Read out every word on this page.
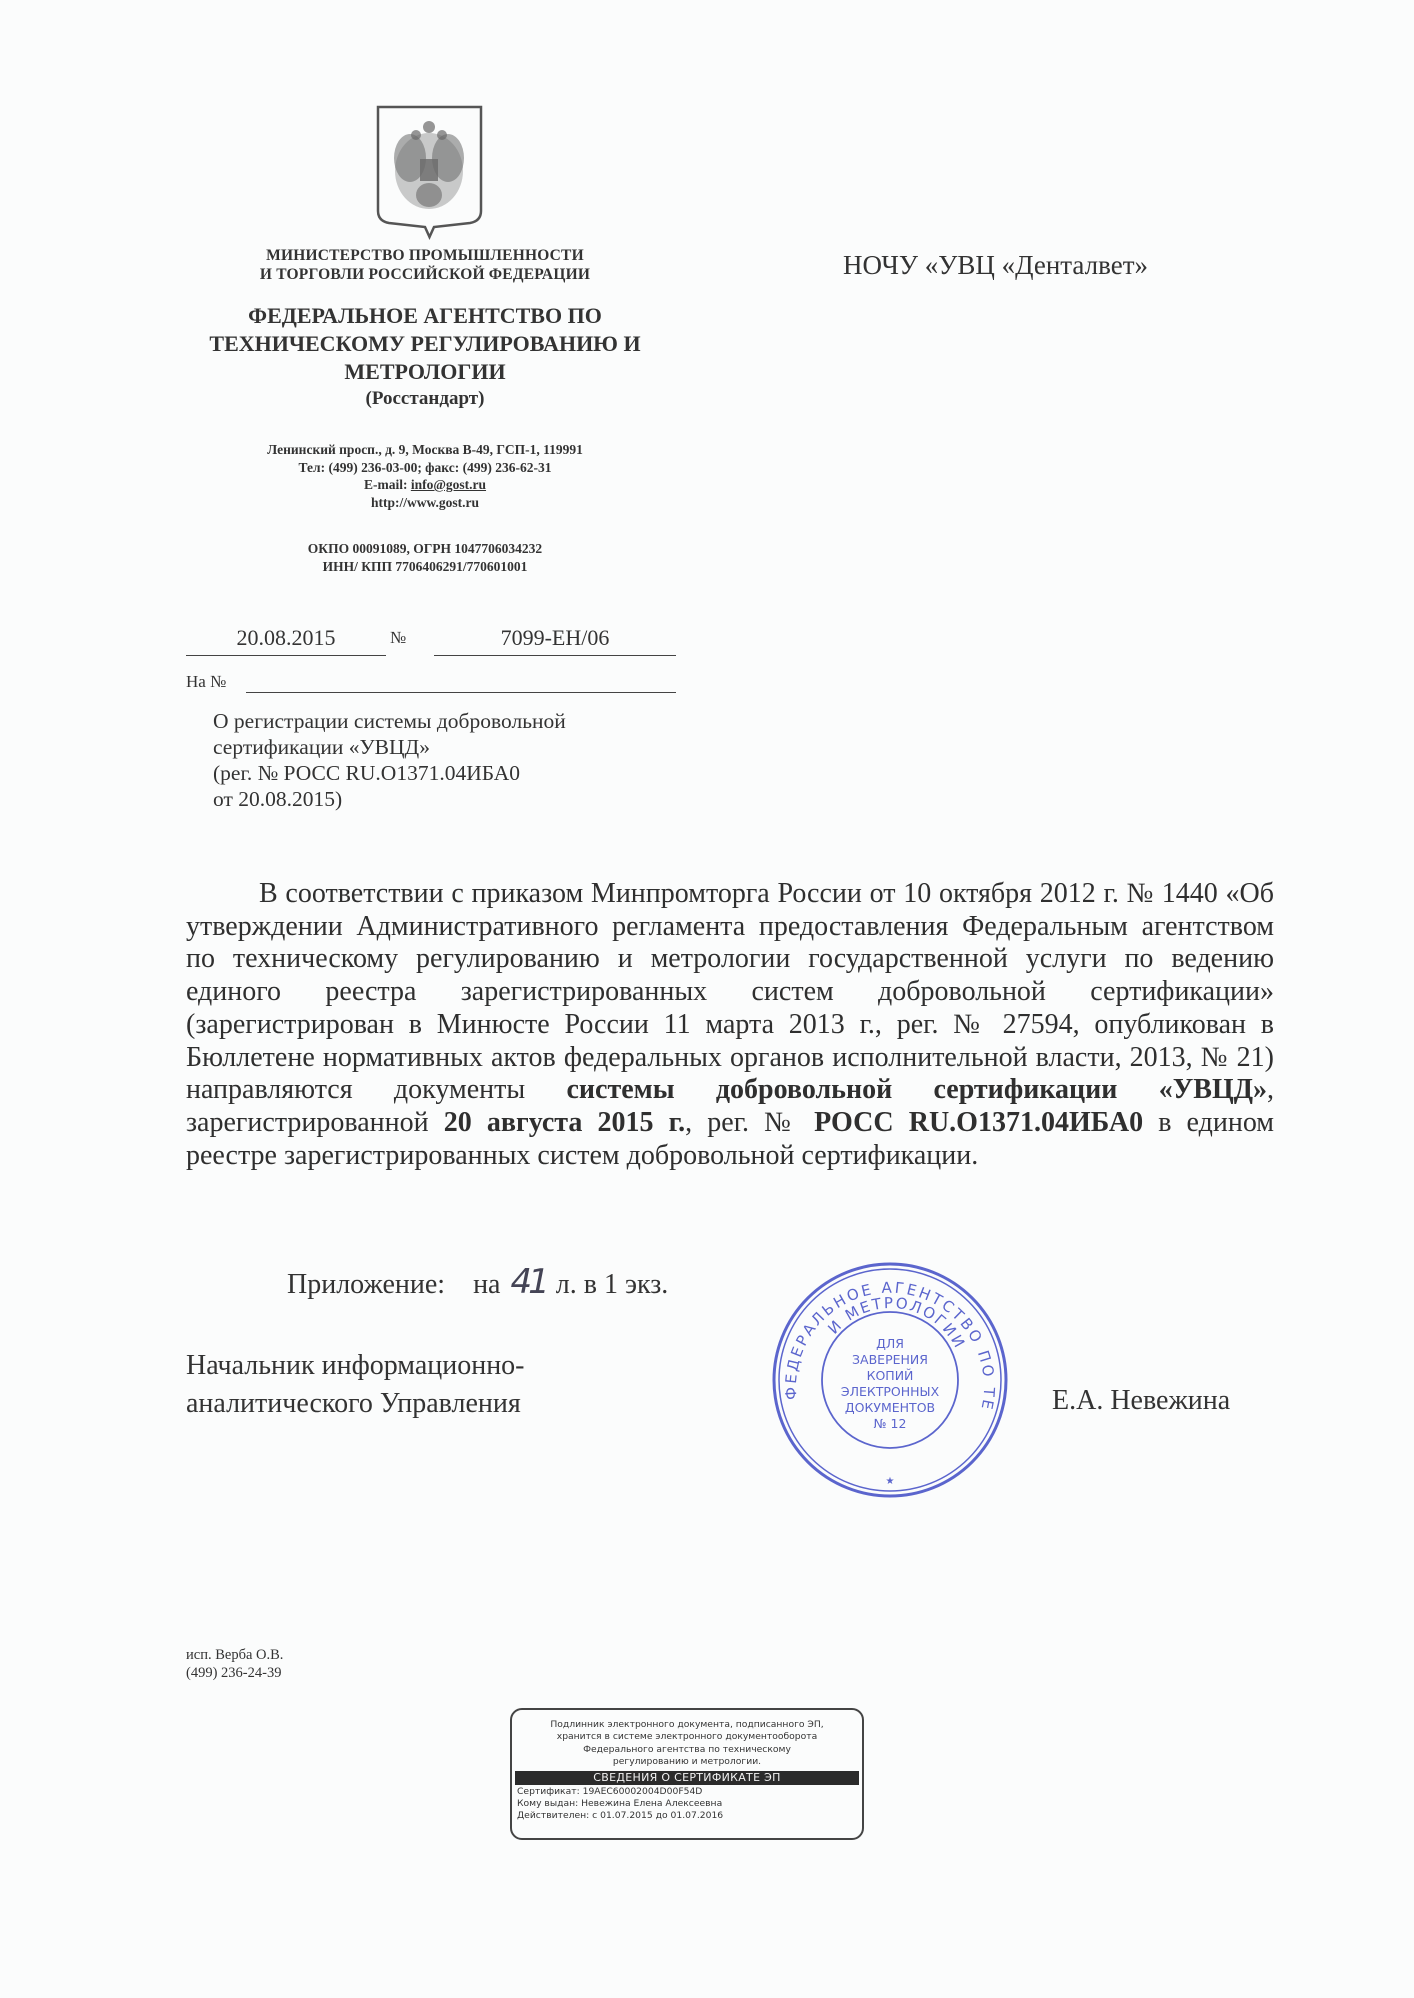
МИНИСТЕРСТВО ПРОМЫШЛЕННОСТИ
И ТОРГОВЛИ РОССИЙСКОЙ ФЕДЕРАЦИИ
ФЕДЕРАЛЬНОЕ АГЕНТСТВО ПО
ТЕХНИЧЕСКОМУ РЕГУЛИРОВАНИЮ И
МЕТРОЛОГИИ
(Росстандарт)
Ленинский просп., д. 9, Москва В-49, ГСП-1, 119991
Тел: (499) 236-03-00; факс: (499) 236-62-31
E-mail: info@gost.ru
http://www.gost.ru
ОКПО 00091089, ОГРН 1047706034232
ИНН/ КПП 7706406291/770601001
НОЧУ «УВЦ «Денталвет»
20.08.2015	№	7099-ЕН/06
На №
О регистрации системы добровольной
сертификации «УВЦД»
(рег. № РОСС RU.О1371.04ИБА0
от 20.08.2015)

В соответствии с приказом Минпромторга России от 10 октября 2012 г. № 1440 «Об утверждении Административного регламента предоставления Федеральным агентством по техническому регулированию и метрологии государственной услуги по ведению единого реестра зарегистрированных систем добровольной сертификации» (зарегистрирован в Минюсте России 11 марта 2013 г., рег. № 27594, опубликован в Бюллетене нормативных актов федеральных органов исполнительной власти, 2013, № 21) направляются документы системы добровольной сертификации «УВЦД», зарегистрированной 20 августа 2015 г., рег. № РОСС RU.О1371.04ИБА0 в едином реестре зарегистрированных систем добровольной сертификации.

Приложение: на 41 л. в 1 экз.
Начальник информационно-
аналитического Управления	Е.А. Невежина
ФЕДЕРАЛЬНОЕ АГЕНТСТВО ПО ТЕ
И МЕТРОЛОГИИ
ДЛЯ
ЗАВЕРЕНИЯ
КОПИЙ
ЭЛЕКТРОННЫХ
ДОКУМЕНТОВ
№ 12
★
исп. Верба О.В.
(499) 236-24-39
Подлинник электронного документа, подписанного ЭП,
хранится в системе электронного документооборота
Федерального агентства по техническому
регулированию и метрологии.
СВЕДЕНИЯ О СЕРТИФИКАТЕ ЭП
Сертификат: 19AEC60002004D00F54D
Кому выдан: Невежина Елена Алексеевна
Действителен: с 01.07.2015 до 01.07.2016
